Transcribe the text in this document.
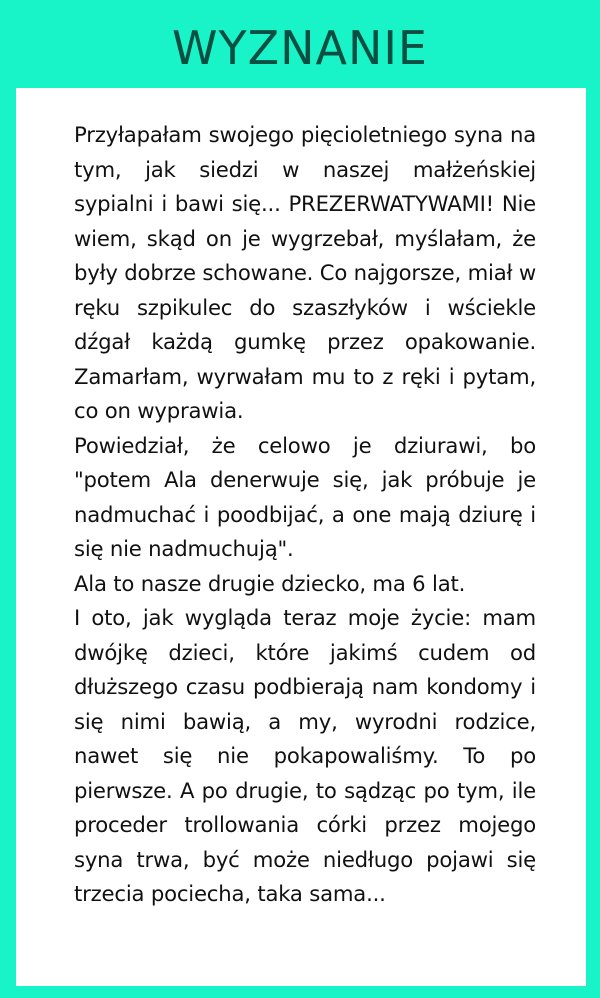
WYZNANIE

Przyłapałam swojego pięcioletniego syna na tym, jak siedzi w naszej małżeńskiej sypialni i bawi się... PREZERWATYWAMI! Nie wiem, skąd on je wygrzebał, myślałam, że były dobrze schowane. Co najgorsze, miał w ręku szpikulec do szaszłyków i wściekle dźgał każdą gumkę przez opakowanie. Zamarłam, wyrwałam mu to z ręki i pytam, co on wyprawia.

Powiedział, że celowo je dziurawi, bo "potem Ala denerwuje się, jak próbuje je nadmuchać i poodbijać, a one mają dziurę i się nie nadmuchują".

Ala to nasze drugie dziecko, ma 6 lat.

I oto, jak wygląda teraz moje życie: mam dwójkę dzieci, które jakimś cudem od dłuższego czasu podbierają nam kondomy i się nimi bawią, a my, wyrodni rodzice, nawet się nie pokapowaliśmy. To po pierwsze. A po drugie, to sądząc po tym, ile proceder trollowania córki przez mojego syna trwa, być może niedługo pojawi się trzecia pociecha, taka sama...
